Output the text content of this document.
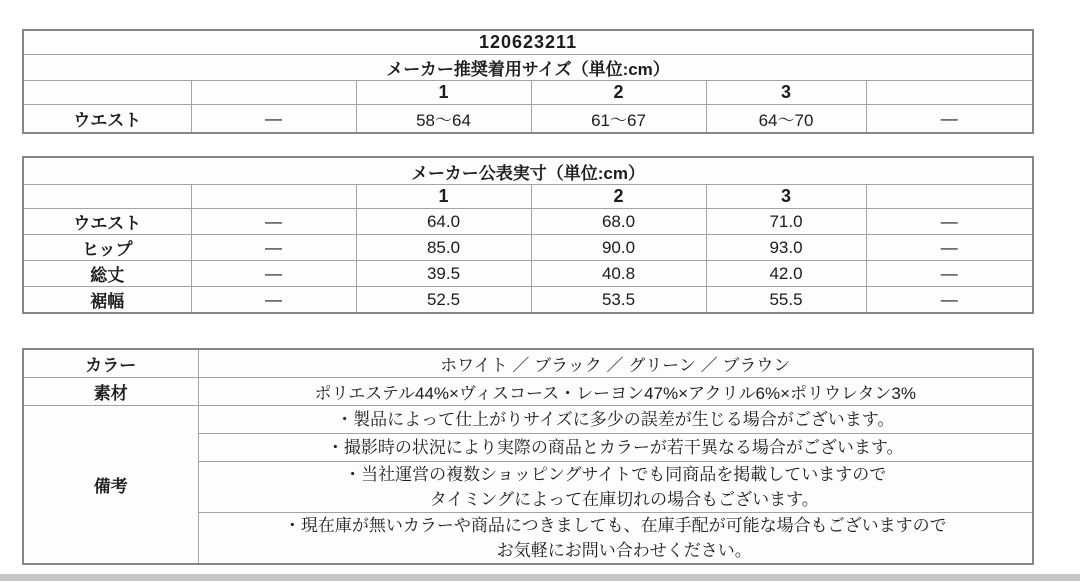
120623211					
メーカー推奨着用サイズ（単位:cm）					
		1	2	3	
ウエスト	—	58〜64	61〜67	64〜70	—
メーカー公表実寸（単位:cm）					
		1	2	3	
ウエスト	—	64.0	68.0	71.0	—
ヒップ	—	85.0	90.0	93.0	—
総丈	—	39.5	40.8	42.0	—
裾幅	—	52.5	53.5	55.5	—
カラー	ホワイト ／ ブラック ／ グリーン ／ ブラウン
素材	ポリエステル44%×ヴィスコース・レーヨン47%×アクリル6%×ポリウレタン3%
備考	・製品によって仕上がりサイズに多少の誤差が生じる場合がございます。

	・撮影時の状況により実際の商品とカラーが若干異なる場合がございます。

	・当社運営の複数ショッピングサイトでも同商品を掲載していますので
タイミングによって在庫切れの場合もございます。

	・現在庫が無いカラーや商品につきましても、在庫手配が可能な場合もございますので
お気軽にお問い合わせください。
